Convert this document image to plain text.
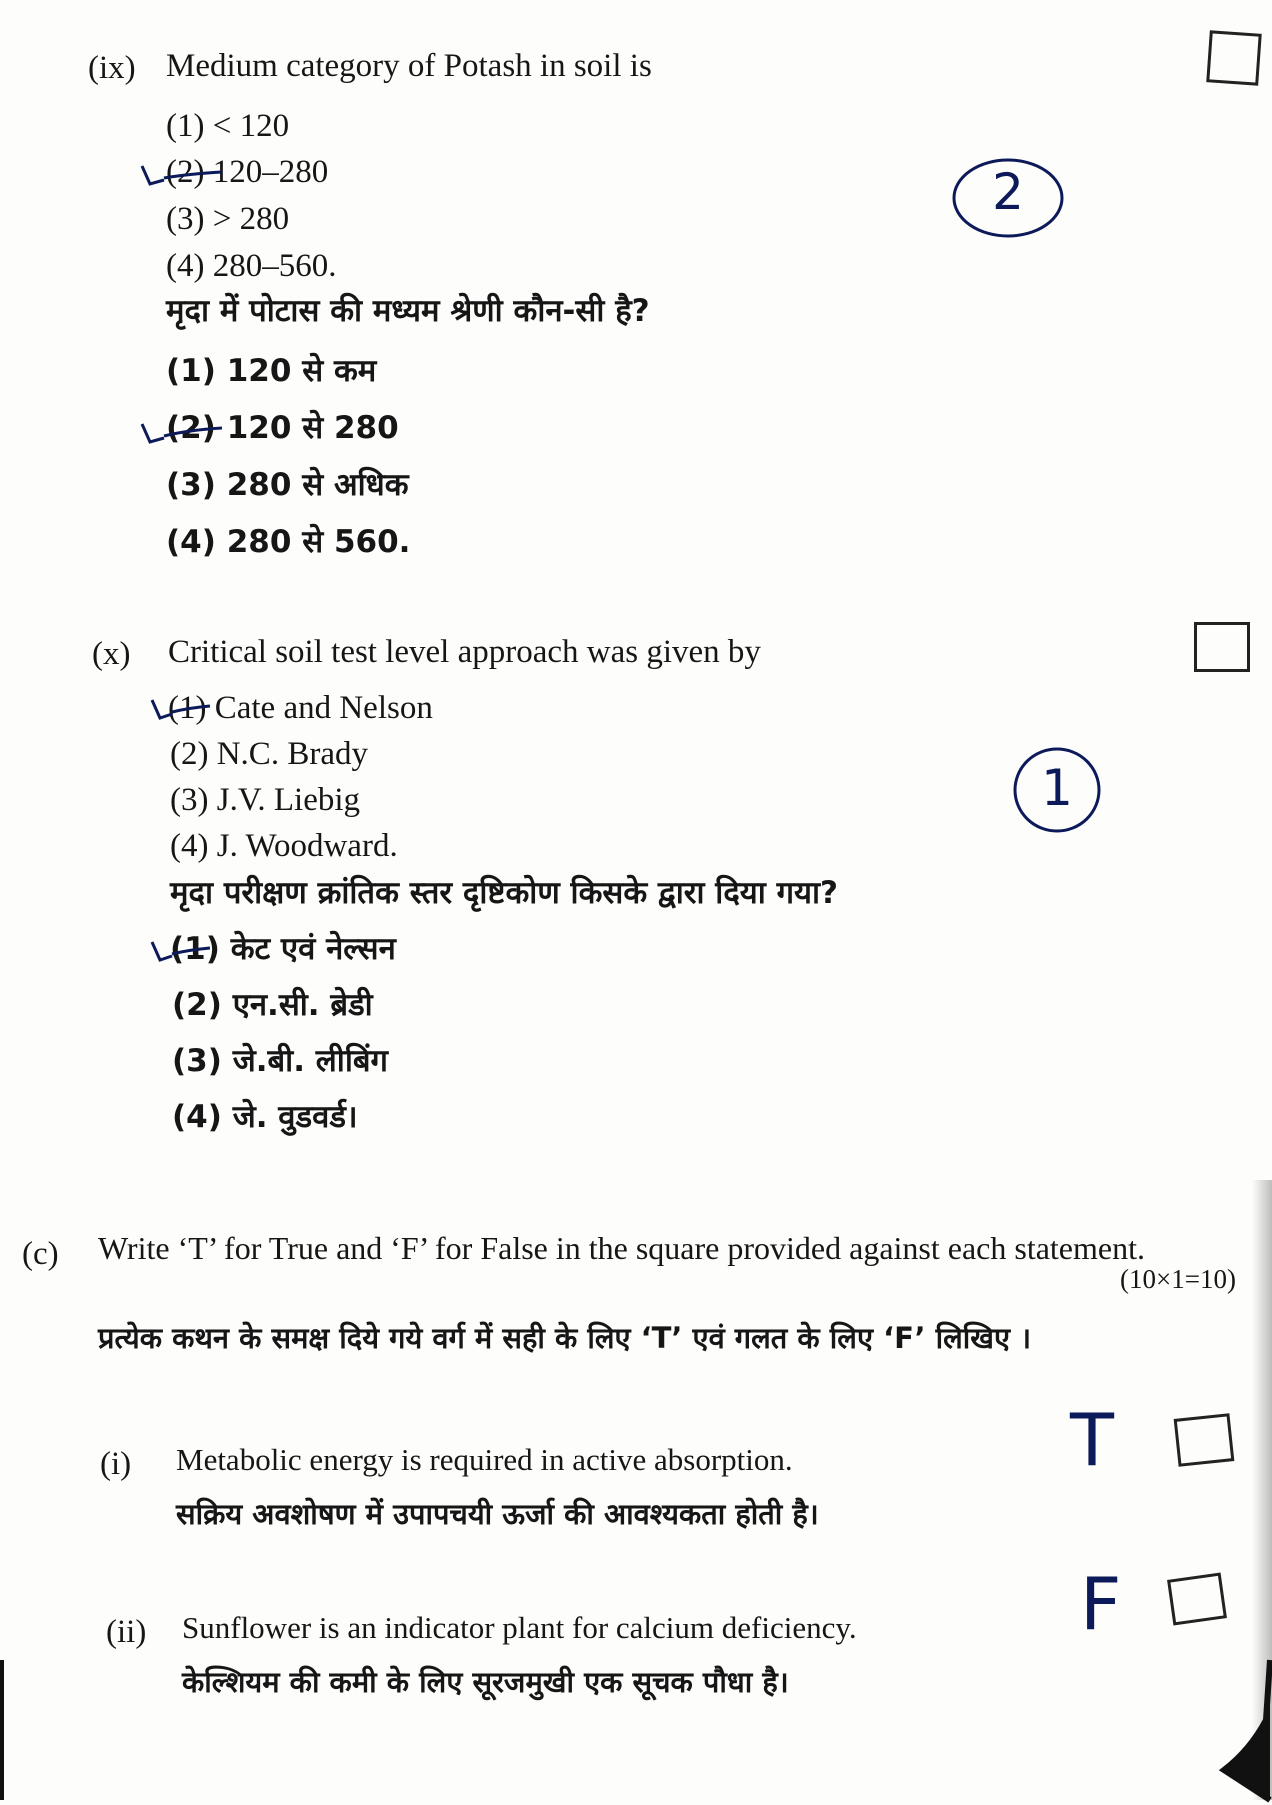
(ix) Medium category of Potash in soil is
(1) < 120
(2) 120–280
(3) > 280
(4) 280–560.
मृदा में पोटास की मध्यम श्रेणी कौन-सी है?
(1) 120 से कम
(2) 120 से 280
(3) 280 से अधिक
(4) 280 से 560.
2
(x) Critical soil test level approach was given by
(1) Cate and Nelson
(2) N.C. Brady
(3) J.V. Liebig
(4) J. Woodward.
मृदा परीक्षण क्रांतिक स्तर दृष्टिकोण किसके द्वारा दिया गया?
(1) केट एवं नेल्सन
(2) एन.सी. ब्रेडी
(3) जे.बी. लीबिंग
(4) जे. वुडवर्ड।
1
(c) Write ‘T’ for True and ‘F’ for False in the square provided against each statement.
(10×1=10)
प्रत्येक कथन के समक्ष दिये गये वर्ग में सही के लिए ‘T’ एवं गलत के लिए ‘F’ लिखिए ।
(i) Metabolic energy is required in active absorption.
सक्रिय अवशोषण में उपापचयी ऊर्जा की आवश्यकता होती है।
T
(ii) Sunflower is an indicator plant for calcium deficiency.
केल्शियम की कमी के लिए सूरजमुखी एक सूचक पौधा है।
F
